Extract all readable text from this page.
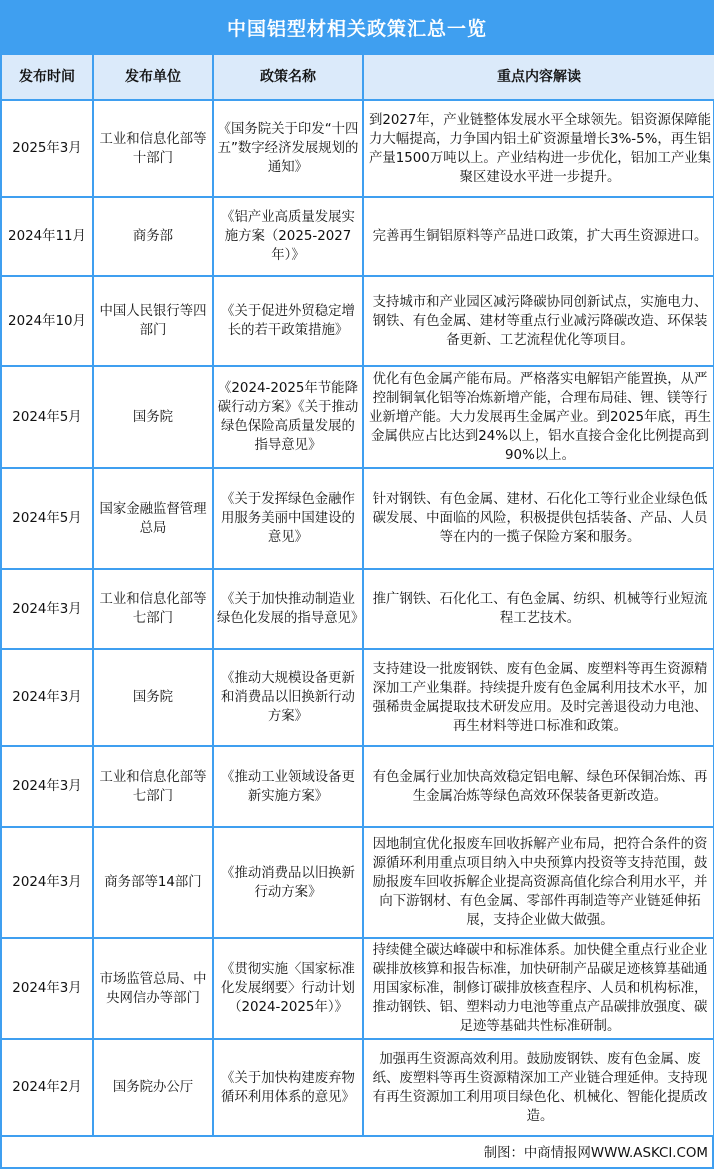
中国铝型材相关政策汇总一览
发布时间	发布单位	政策名称	重点内容解读
2025年3月	工业和信息化部等十部门	《国务院关于印发“十四五”数字经济发展规划的通知》	到2027年，产业链整体发展水平全球领先。铝资源保障能力大幅提高，力争国内铝土矿资源量增长3%-5%，再生铝产量1500万吨以上。产业结构进一步优化，铝加工产业集聚区建设水平进一步提升。
2024年11月	商务部	《铝产业高质量发展实施方案（2025-2027年）》	完善再生铜铝原料等产品进口政策，扩大再生资源进口。
2024年10月	中国人民银行等四部门	《关于促进外贸稳定增长的若干政策措施》	支持城市和产业园区减污降碳协同创新试点，实施电力、钢铁、有色金属、建材等重点行业减污降碳改造、环保装备更新、工艺流程优化等项目。
2024年5月	国务院	《2024-2025年节能降碳行动方案》《关于推动绿色保险高质量发展的指导意见》	优化有色金属产能布局。严格落实电解铝产能置换，从严控制铜氧化铝等冶炼新增产能，合理布局硅、锂、镁等行业新增产能。大力发展再生金属产业。到2025年底，再生金属供应占比达到24%以上，铝水直接合金化比例提高到90%以上。
2024年5月	国家金融监督管理总局	《关于发挥绿色金融作用服务美丽中国建设的意见》	针对钢铁、有色金属、建材、石化化工等行业企业绿色低碳发展、中面临的风险，积极提供包括装备、产品、人员等在内的一揽子保险方案和服务。
2024年3月	工业和信息化部等七部门	《关于加快推动制造业绿色化发展的指导意见》	推广钢铁、石化化工、有色金属、纺织、机械等行业短流程工艺技术。
2024年3月	国务院	《推动大规模设备更新和消费品以旧换新行动方案》	支持建设一批废钢铁、废有色金属、废塑料等再生资源精深加工产业集群。持续提升废有色金属利用技术水平，加强稀贵金属提取技术研发应用。及时完善退役动力电池、再生材料等进口标准和政策。
2024年3月	工业和信息化部等七部门	《推动工业领域设备更新实施方案》	有色金属行业加快高效稳定铝电解、绿色环保铜冶炼、再生金属冶炼等绿色高效环保装备更新改造。
2024年3月	商务部等14部门	《推动消费品以旧换新行动方案》	因地制宜优化报废车回收拆解产业布局，把符合条件的资源循环利用重点项目纳入中央预算内投资等支持范围，鼓励报废车回收拆解企业提高资源高值化综合利用水平，并向下游钢材、有色金属、零部件再制造等产业链延伸拓展，支持企业做大做强。
2024年3月	市场监管总局、中央网信办等部门	《贯彻实施〈国家标准化发展纲要〉行动计划（2024-2025年）》	持续健全碳达峰碳中和标准体系。加快健全重点行业企业碳排放核算和报告标准，加快研制产品碳足迹核算基础通用国家标准，制修订碳排放核查程序、人员和机构标准，推动钢铁、铝、塑料动力电池等重点产品碳排放强度、碳足迹等基础共性标准研制。
2024年2月	国务院办公厅	《关于加快构建废弃物循环利用体系的意见》	加强再生资源高效利用。鼓励废钢铁、废有色金属、废纸、废塑料等再生资源精深加工产业链合理延伸。支持现有再生资源加工利用项目绿色化、机械化、智能化提质改造。
制图：中商情报网WWW.ASKCI.COM
